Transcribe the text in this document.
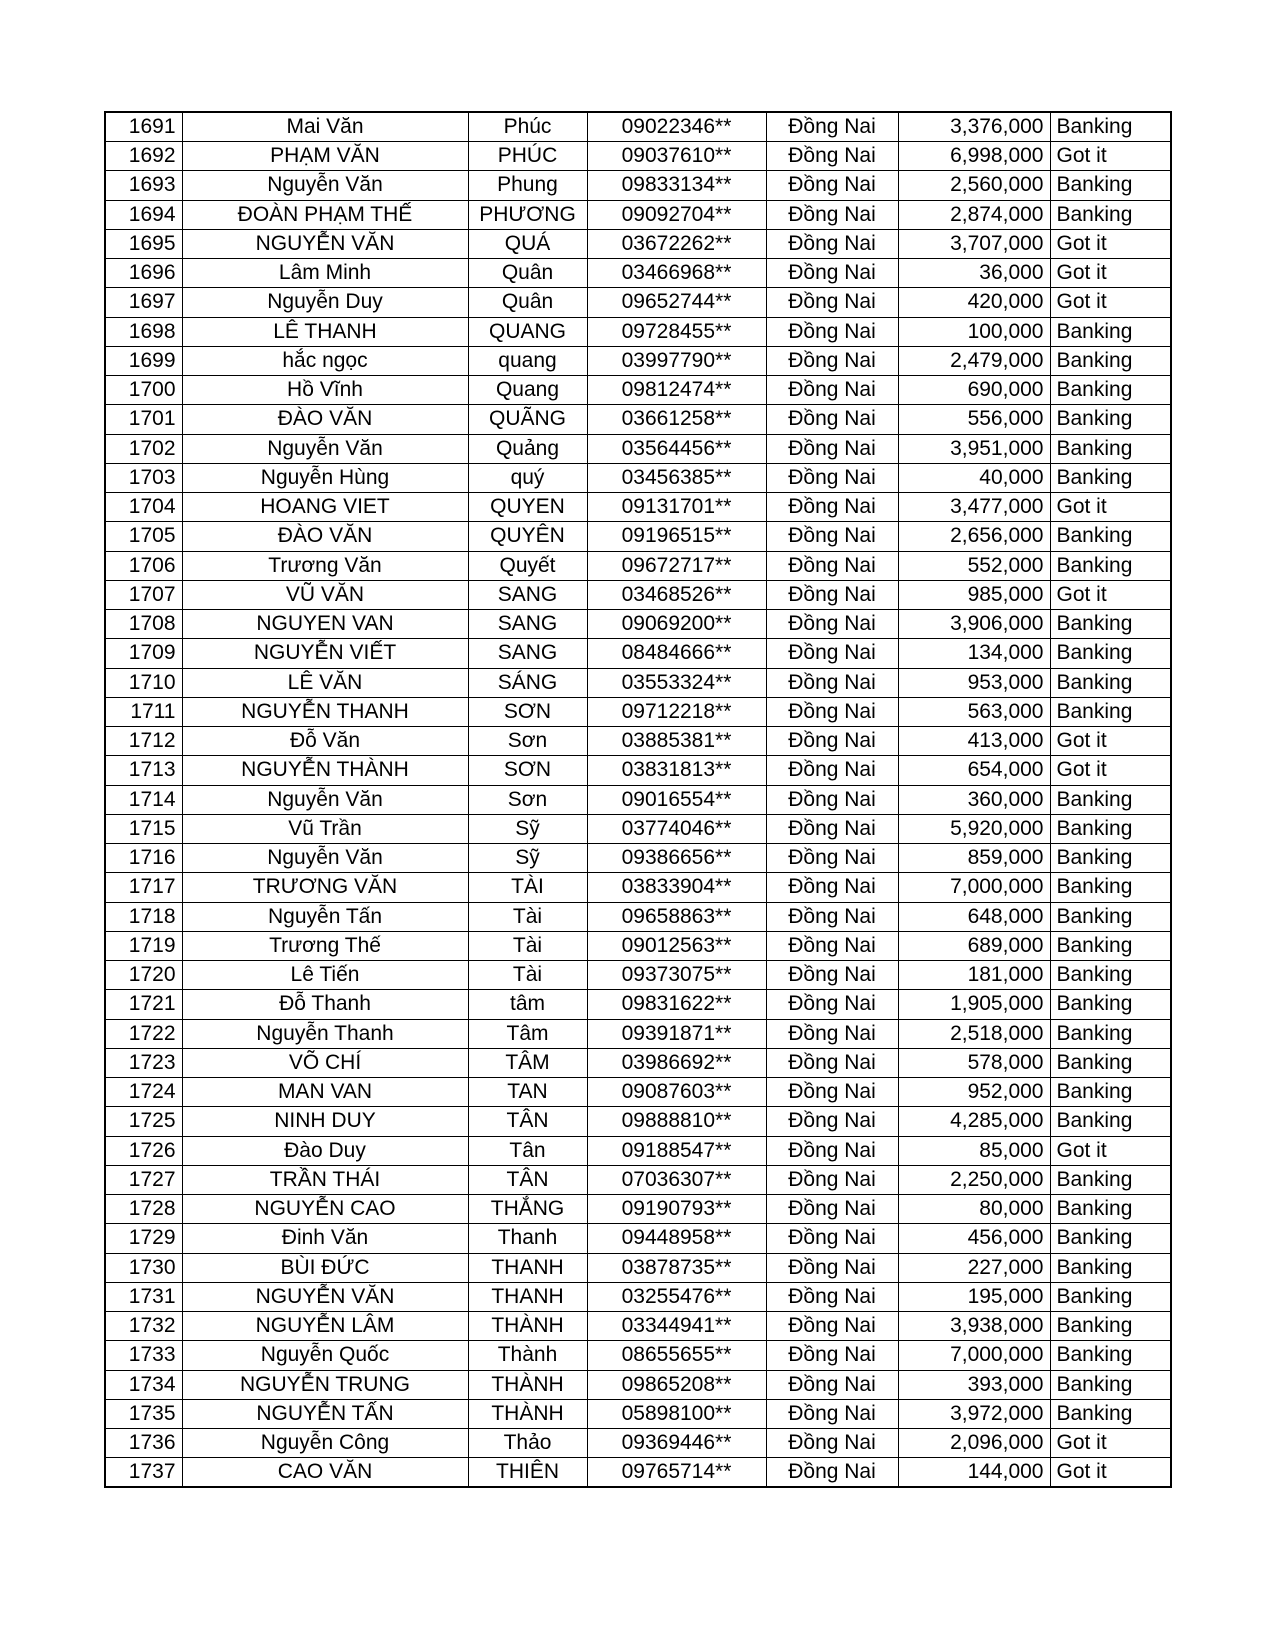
1691	Mai Văn	Phúc	09022346**	Đồng Nai	3,376,000	Banking
1692	PHẠM VĂN	PHÚC	09037610**	Đồng Nai	6,998,000	Got it
1693	Nguyễn Văn	Phung	09833134**	Đồng Nai	2,560,000	Banking
1694	ĐOÀN PHẠM THẾ	PHƯƠNG	09092704**	Đồng Nai	2,874,000	Banking
1695	NGUYỄN VĂN	QUÁ	03672262**	Đồng Nai	3,707,000	Got it
1696	Lâm Minh	Quân	03466968**	Đồng Nai	36,000	Got it
1697	Nguyễn Duy	Quân	09652744**	Đồng Nai	420,000	Got it
1698	LÊ THANH	QUANG	09728455**	Đồng Nai	100,000	Banking
1699	hắc ngọc	quang	03997790**	Đồng Nai	2,479,000	Banking
1700	Hồ Vĩnh	Quang	09812474**	Đồng Nai	690,000	Banking
1701	ĐÀO VĂN	QUÃNG	03661258**	Đồng Nai	556,000	Banking
1702	Nguyễn Văn	Quảng	03564456**	Đồng Nai	3,951,000	Banking
1703	Nguyễn Hùng	quý	03456385**	Đồng Nai	40,000	Banking
1704	HOANG VIET	QUYEN	09131701**	Đồng Nai	3,477,000	Got it
1705	ĐÀO VĂN	QUYÊN	09196515**	Đồng Nai	2,656,000	Banking
1706	Trương Văn	Quyết	09672717**	Đồng Nai	552,000	Banking
1707	VŨ VĂN	SANG	03468526**	Đồng Nai	985,000	Got it
1708	NGUYEN VAN	SANG	09069200**	Đồng Nai	3,906,000	Banking
1709	NGUYỄN VIẾT	SANG	08484666**	Đồng Nai	134,000	Banking
1710	LÊ VĂN	SÁNG	03553324**	Đồng Nai	953,000	Banking
1711	NGUYỄN THANH	SƠN	09712218**	Đồng Nai	563,000	Banking
1712	Đỗ Văn	Sơn	03885381**	Đồng Nai	413,000	Got it
1713	NGUYỄN THÀNH	SƠN	03831813**	Đồng Nai	654,000	Got it
1714	Nguyễn Văn	Sơn	09016554**	Đồng Nai	360,000	Banking
1715	Vũ Trần	Sỹ	03774046**	Đồng Nai	5,920,000	Banking
1716	Nguyễn Văn	Sỹ	09386656**	Đồng Nai	859,000	Banking
1717	TRƯƠNG VĂN	TÀI	03833904**	Đồng Nai	7,000,000	Banking
1718	Nguyễn Tấn	Tài	09658863**	Đồng Nai	648,000	Banking
1719	Trương Thế	Tài	09012563**	Đồng Nai	689,000	Banking
1720	Lê Tiến	Tài	09373075**	Đồng Nai	181,000	Banking
1721	Đỗ Thanh	tâm	09831622**	Đồng Nai	1,905,000	Banking
1722	Nguyễn Thanh	Tâm	09391871**	Đồng Nai	2,518,000	Banking
1723	VÕ CHÍ	TÂM	03986692**	Đồng Nai	578,000	Banking
1724	MAN VAN	TAN	09087603**	Đồng Nai	952,000	Banking
1725	NINH DUY	TÂN	09888810**	Đồng Nai	4,285,000	Banking
1726	Đào Duy	Tân	09188547**	Đồng Nai	85,000	Got it
1727	TRẦN THÁI	TÂN	07036307**	Đồng Nai	2,250,000	Banking
1728	NGUYỄN CAO	THẮNG	09190793**	Đồng Nai	80,000	Banking
1729	Đinh Văn	Thanh	09448958**	Đồng Nai	456,000	Banking
1730	BÙI ĐỨC	THANH	03878735**	Đồng Nai	227,000	Banking
1731	NGUYỄN VĂN	THANH	03255476**	Đồng Nai	195,000	Banking
1732	NGUYỄN LÂM	THÀNH	03344941**	Đồng Nai	3,938,000	Banking
1733	Nguyễn Quốc	Thành	08655655**	Đồng Nai	7,000,000	Banking
1734	NGUYỄN TRUNG	THÀNH	09865208**	Đồng Nai	393,000	Banking
1735	NGUYỄN TẤN	THÀNH	05898100**	Đồng Nai	3,972,000	Banking
1736	Nguyễn Công	Thảo	09369446**	Đồng Nai	2,096,000	Got it
1737	CAO VĂN	THIÊN	09765714**	Đồng Nai	144,000	Got it
